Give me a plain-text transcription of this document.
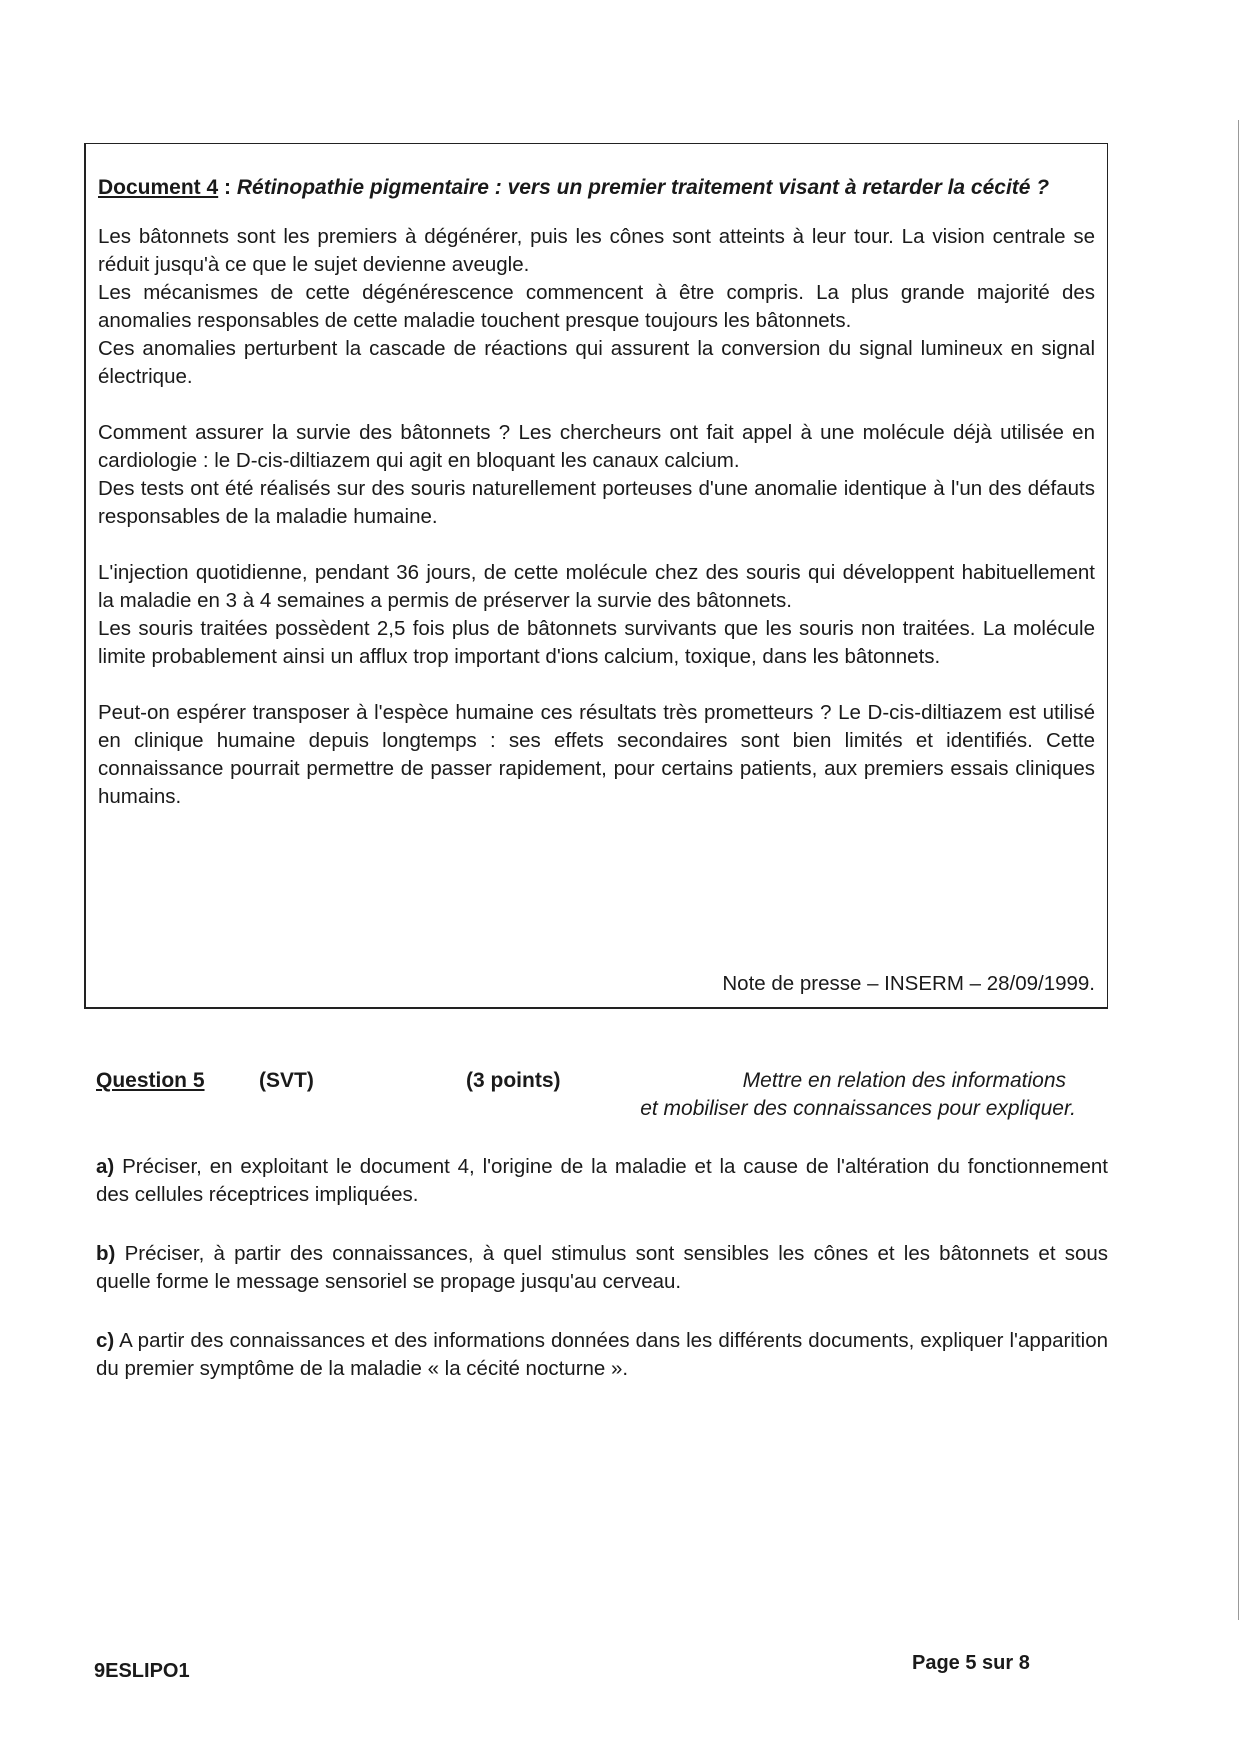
Document 4 : Rétinopathie pigmentaire : vers un premier traitement visant à retarder la cécité ?

Les bâtonnets sont les premiers à dégénérer, puis les cônes sont atteints à leur tour. La vision centrale se réduit jusqu'à ce que le sujet devienne aveugle.
Les mécanismes de cette dégénérescence commencent à être compris. La plus grande majorité des anomalies responsables de cette maladie touchent presque toujours les bâtonnets.
Ces anomalies perturbent la cascade de réactions qui assurent la conversion du signal lumineux en signal électrique.

Comment assurer la survie des bâtonnets ? Les chercheurs ont fait appel à une molécule déjà utilisée en cardiologie : le D-cis-diltiazem qui agit en bloquant les canaux calcium.
Des tests ont été réalisés sur des souris naturellement porteuses d'une anomalie identique à l'un des défauts responsables de la maladie humaine.

L'injection quotidienne, pendant 36 jours, de cette molécule chez des souris qui développent habituellement la maladie en 3 à 4 semaines a permis de préserver la survie des bâtonnets.
Les souris traitées possèdent 2,5 fois plus de bâtonnets survivants que les souris non traitées. La molécule limite probablement ainsi un afflux trop important d'ions calcium, toxique, dans les bâtonnets.

Peut-on espérer transposer à l'espèce humaine ces résultats très prometteurs ? Le D-cis-diltiazem est utilisé en clinique humaine depuis longtemps : ses effets secondaires sont bien limités et identifiés. Cette connaissance pourrait permettre de passer rapidement, pour certains patients, aux premiers essais cliniques humains.

Note de presse – INSERM – 28/09/1999.
Question 5	(SVT)	(3 points)	Mettre en relation des informations
et mobiliser des connaissances pour expliquer.
a) Préciser, en exploitant le document 4, l'origine de la maladie et la cause de l'altération du fonctionnement des cellules réceptrices impliquées.
b) Préciser, à partir des connaissances, à quel stimulus sont sensibles les cônes et les bâtonnets et sous quelle forme le message sensoriel se propage jusqu'au cerveau.
c) A partir des connaissances et des informations données dans les différents documents, expliquer l'apparition du premier symptôme de la maladie « la cécité nocturne ».
9ESLIPO1	Page 5 sur 8
